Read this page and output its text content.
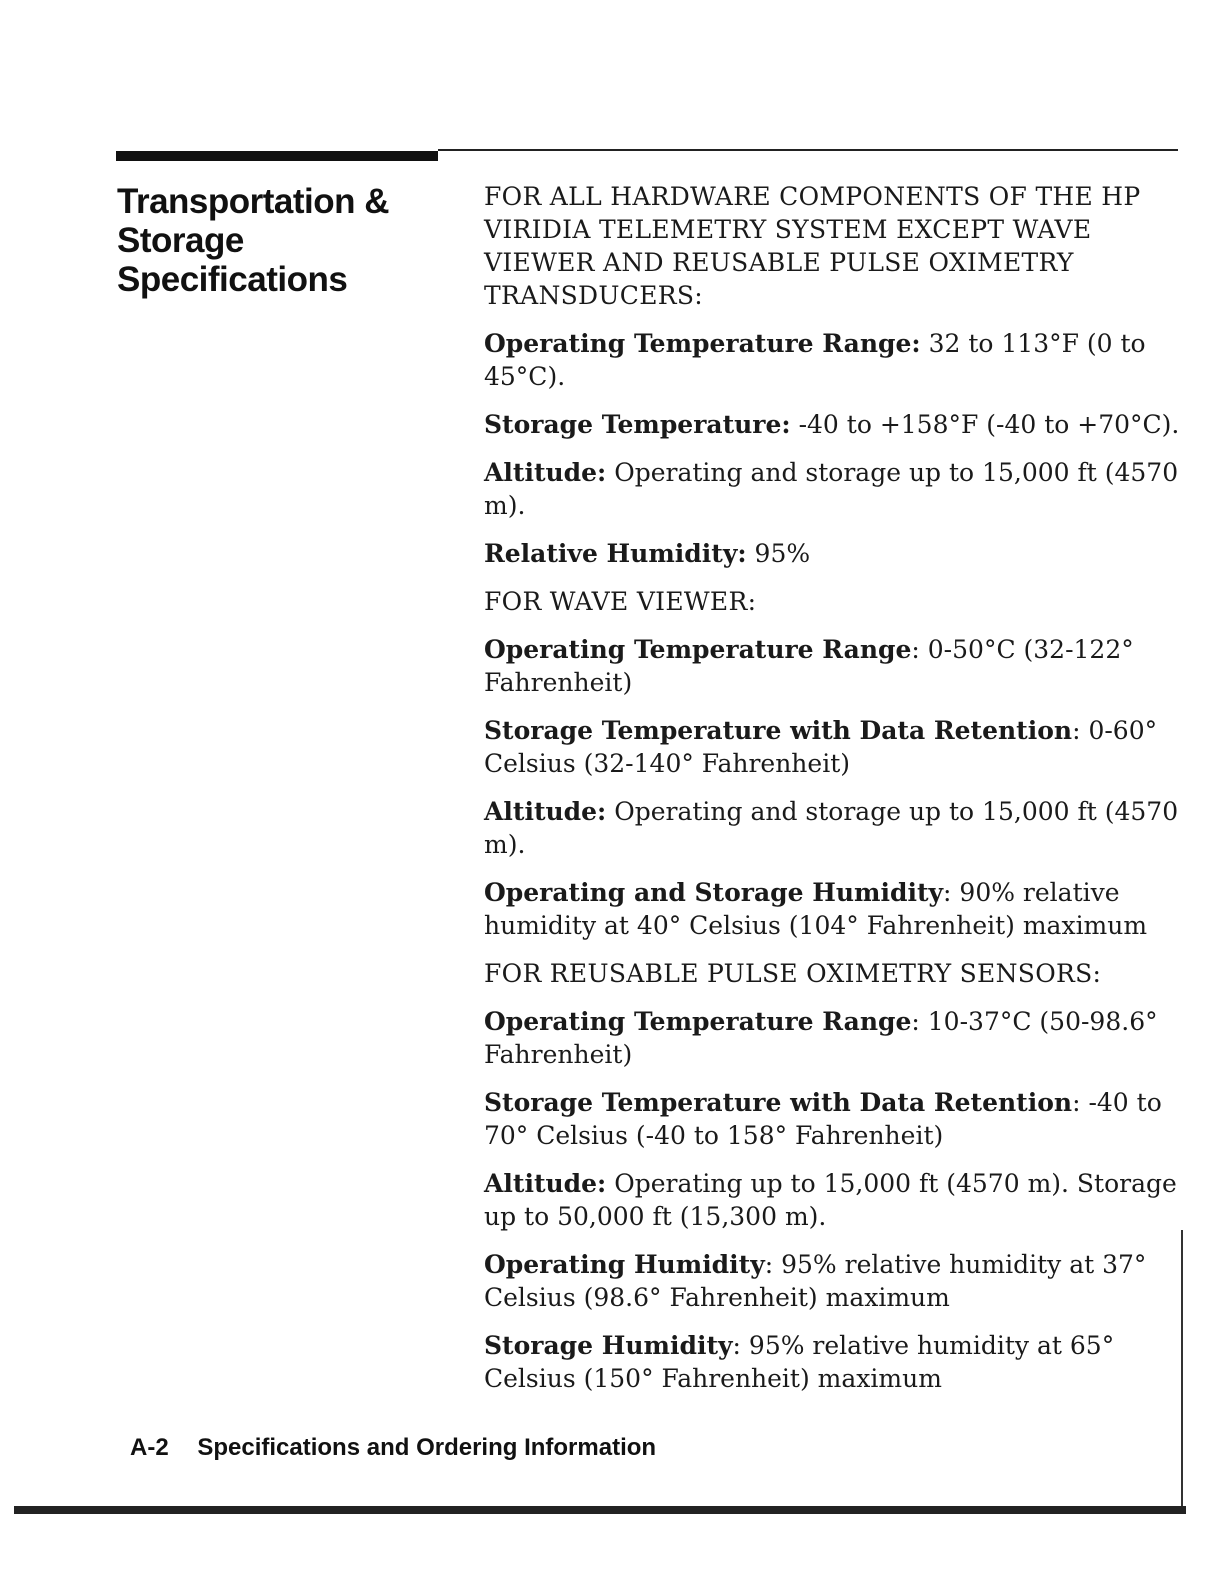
Transportation &
Storage
Specifications

FOR ALL HARDWARE COMPONENTS OF THE HP VIRIDIA TELEMETRY SYSTEM EXCEPT WAVE VIEWER AND REUSABLE PULSE OXIMETRY TRANSDUCERS:

Operating Temperature Range: 32 to 113°F (0 to 45°C).

Storage Temperature: -40 to +158°F (-40 to +70°C).

Altitude: Operating and storage up to 15,000 ft (4570 m).

Relative Humidity: 95%

FOR WAVE VIEWER:

Operating Temperature Range: 0-50°C (32-122° Fahrenheit)

Storage Temperature with Data Retention: 0-60° Celsius (32-140° Fahrenheit)

Altitude: Operating and storage up to 15,000 ft (4570 m).

Operating and Storage Humidity: 90% relative humidity at 40° Celsius (104° Fahrenheit) maximum

FOR REUSABLE PULSE OXIMETRY SENSORS:

Operating Temperature Range: 10-37°C (50-98.6° Fahrenheit)

Storage Temperature with Data Retention: -40 to 70° Celsius (-40 to 158° Fahrenheit)

Altitude: Operating up to 15,000 ft (4570 m). Storage up to 50,000 ft (15,300 m).

Operating Humidity: 95% relative humidity at 37° Celsius (98.6° Fahrenheit) maximum

Storage Humidity: 95% relative humidity at 65° Celsius (150° Fahrenheit) maximum

A-2 Specifications and Ordering Information
